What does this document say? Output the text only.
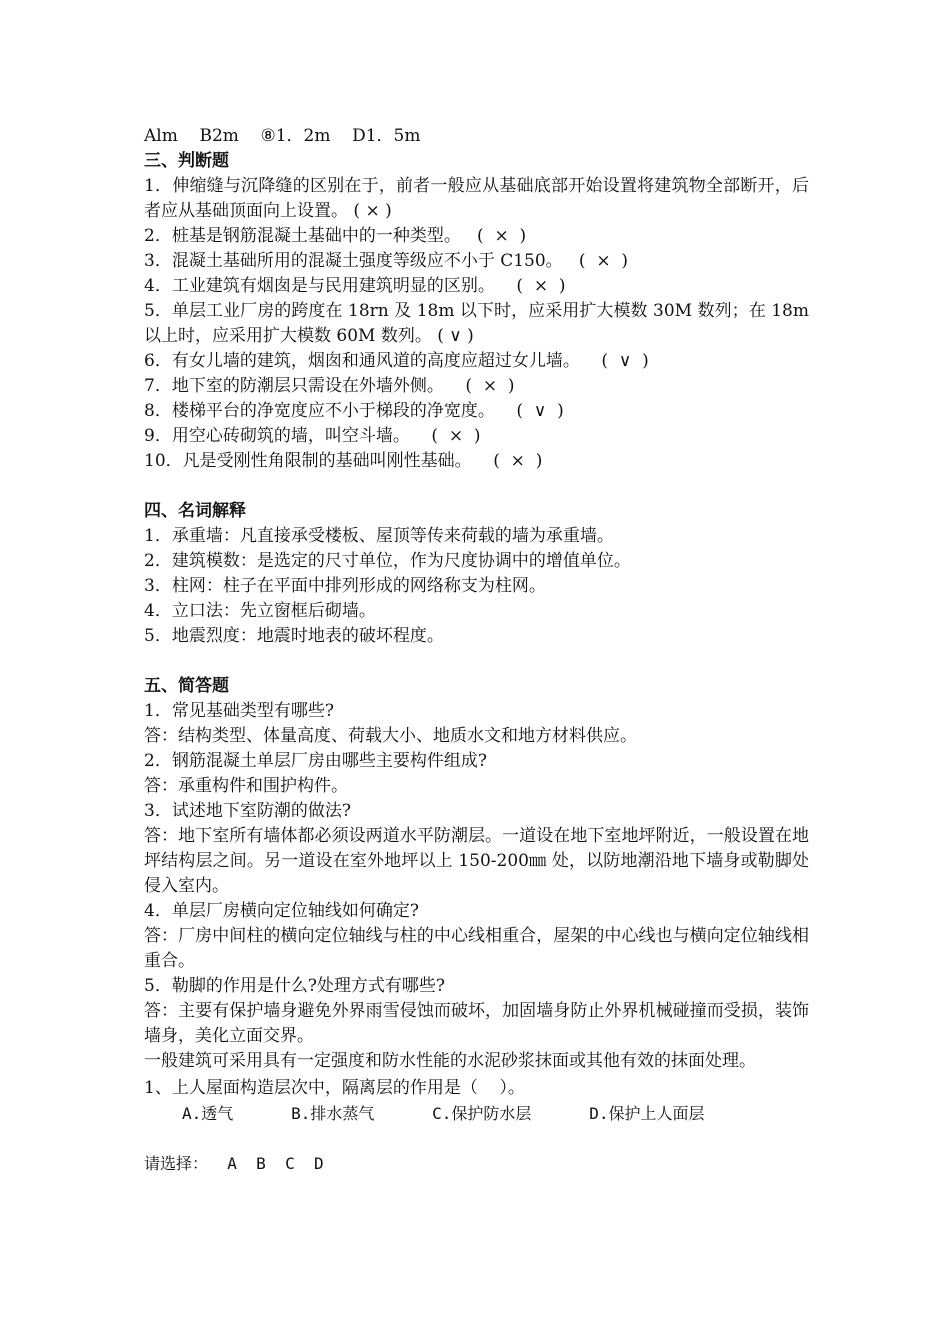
Alm    B2m    ⑧1．2m    D1．5m
三、判断题
1．伸缩缝与沉降缝的区别在于，前者一般应从基础底部开始设置将建筑物全部断开，后者应从基础顶面向上设置。 ( × )
2．桩基是钢筋混凝土基础中的一种类型。   (  ×  )
3．混凝土基础所用的混凝土强度等级应不小于 C150。   (  ×  )
4．工业建筑有烟囱是与民用建筑明显的区别。    (  ×  )
5．单层工业厂房的跨度在 18rn 及 18m 以下时，应采用扩大模数 30M 数列；在 18m 以上时，应采用扩大模数 60M 数列。 ( ∨ )
6．有女儿墙的建筑，烟囱和通风道的高度应超过女儿墙。    (  ∨  )
7．地下室的防潮层只需设在外墙外侧。    (  ×  )
8．楼梯平台的净宽度应不小于梯段的净宽度。    (  ∨  )
9．用空心砖砌筑的墙，叫空斗墙。    (  ×  )
10．凡是受刚性角限制的基础叫刚性基础。    (  ×  )
四、名词解释
1．承重墙：凡直接承受楼板、屋顶等传来荷载的墙为承重墙。
2．建筑模数：是选定的尺寸单位，作为尺度协调中的增值单位。
3．柱网：柱子在平面中排列形成的网络称支为柱网。
4．立口法：先立窗框后砌墙。
5．地震烈度：地震时地表的破坏程度。
五、简答题
1．常见基础类型有哪些?
答：结构类型、体量高度、荷载大小、地质水文和地方材料供应。
2．钢筋混凝土单层厂房由哪些主要构件组成?
答：承重构件和围护构件。
3．试述地下室防潮的做法?
答：地下室所有墙体都必须设两道水平防潮层。一道设在地下室地坪附近，一般设置在地坪结构层之间。另一道设在室外地坪以上 150-200㎜ 处，以防地潮沿地下墙身或勒脚处侵入室内。
4．单层厂房横向定位轴线如何确定?
答：厂房中间柱的横向定位轴线与柱的中心线相重合，屋架的中心线也与横向定位轴线相重合。
5．勒脚的作用是什么?处理方式有哪些?
答：主要有保护墙身避免外界雨雪侵蚀而破坏，加固墙身防止外界机械碰撞而受损，装饰墙身，美化立面交界。
一般建筑可采用具有一定强度和防水性能的水泥砂浆抹面或其他有效的抹面处理。
1、上人屋面构造层次中，隔离层的作用是（    ）。
A.透气      B.排水蒸气      C.保护防水层      D.保护上人面层
请选择：  A  B  C  D
